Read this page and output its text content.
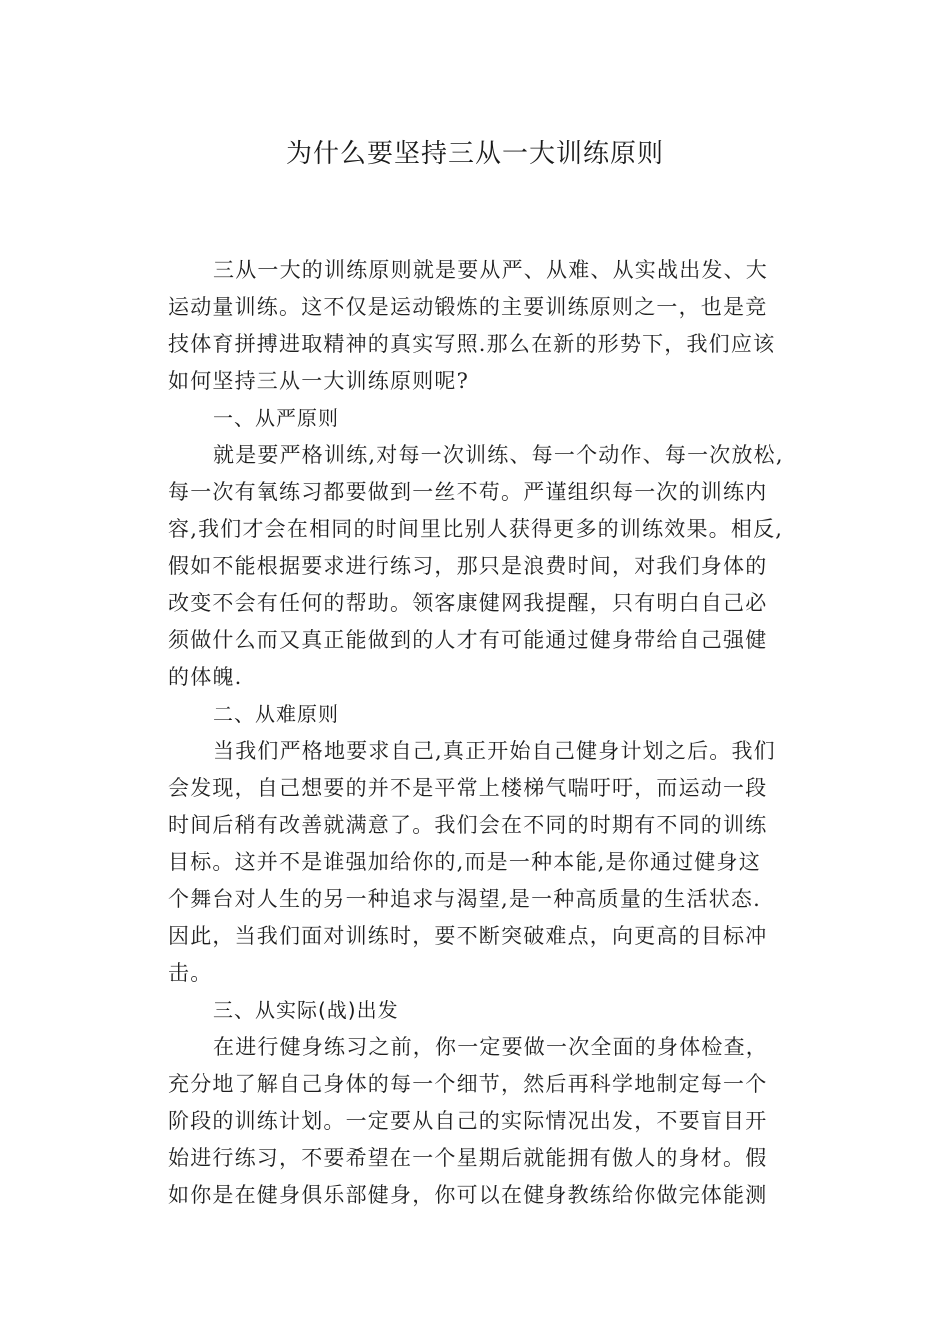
为什么要坚持三从一大训练原则
三从一大的训练原则就是要从严、从难、从实战出发、大
运动量训练。这不仅是运动锻炼的主要训练原则之一，也是竞
技体育拼搏进取精神的真实写照.那么在新的形势下，我们应该
如何坚持三从一大训练原则呢?
一、从严原则
就是要严格训练,对每一次训练、每一个动作、每一次放松,
每一次有氧练习都要做到一丝不苟。严谨组织每一次的训练内
容,我们才会在相同的时间里比别人获得更多的训练效果。相反,
假如不能根据要求进行练习，那只是浪费时间，对我们身体的
改变不会有任何的帮助。领客康健网我提醒，只有明白自己必
须做什么而又真正能做到的人才有可能通过健身带给自己强健
的体魄.
二、从难原则
当我们严格地要求自己,真正开始自己健身计划之后。我们
会发现，自己想要的并不是平常上楼梯气喘吁吁，而运动一段
时间后稍有改善就满意了。我们会在不同的时期有不同的训练
目标。这并不是谁强加给你的,而是一种本能,是你通过健身这
个舞台对人生的另一种追求与渴望,是一种高质量的生活状态.
因此，当我们面对训练时，要不断突破难点，向更高的目标冲
击。
三、从实际(战)出发
在进行健身练习之前，你一定要做一次全面的身体检查，
充分地了解自己身体的每一个细节，然后再科学地制定每一个
阶段的训练计划。一定要从自己的实际情况出发，不要盲目开
始进行练习，不要希望在一个星期后就能拥有傲人的身材。假
如你是在健身俱乐部健身，你可以在健身教练给你做完体能测
